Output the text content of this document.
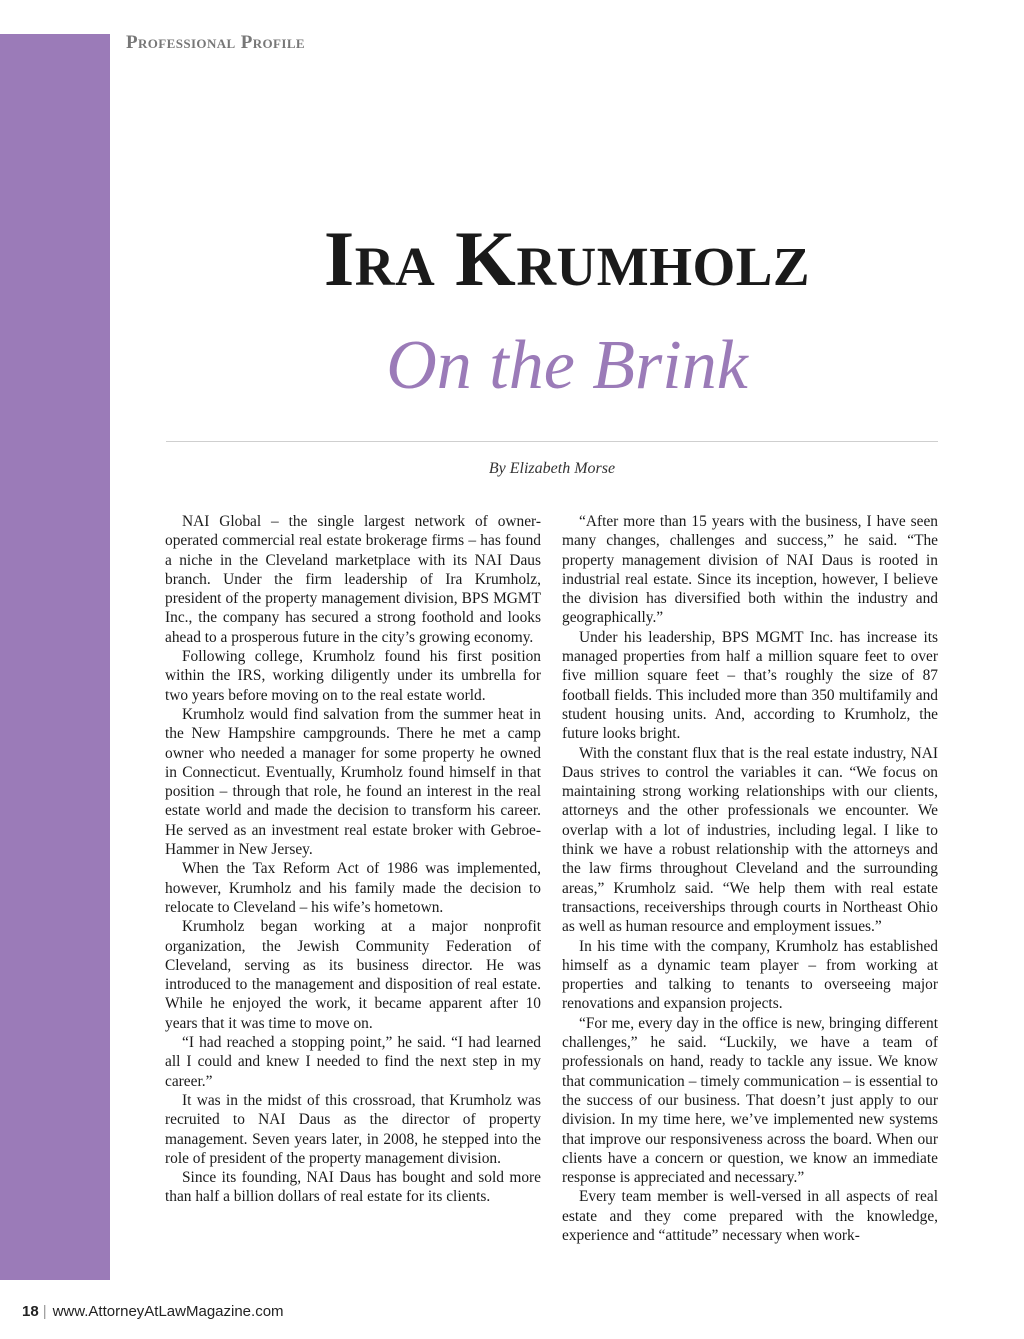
Professional Profile
Ira Krumholz
On the Brink
By Elizabeth Morse

NAI Global – the single largest network of owner-operated commercial real estate brokerage firms – has found a niche in the Cleveland marketplace with its NAI Daus branch. Under the firm leadership of Ira Krumholz, president of the property management division, BPS MGMT Inc., the company has secured a strong foothold and looks ahead to a prosperous future in the city’s growing economy.

Following college, Krumholz found his first position within the IRS, working diligently under its umbrella for two years before moving on to the real estate world.

Krumholz would find salvation from the summer heat in the New Hampshire campgrounds. There he met a camp owner who needed a manager for some property he owned in Connecticut. Eventually, Krumholz found himself in that position – through that role, he found an interest in the real estate world and made the decision to transform his career. He served as an investment real estate broker with Gebroe-Hammer in New Jersey.

When the Tax Reform Act of 1986 was implemented, however, Krumholz and his family made the decision to relocate to Cleveland – his wife’s hometown.

Krumholz began working at a major nonprofit organization, the Jewish Community Federation of Cleveland, serving as its business director. He was introduced to the management and disposition of real estate. While he enjoyed the work, it became apparent after 10 years that it was time to move on.

“I had reached a stopping point,” he said. “I had learned all I could and knew I needed to find the next step in my career.”

It was in the midst of this crossroad, that Krumholz was recruited to NAI Daus as the director of property management. Seven years later, in 2008, he stepped into the role of president of the property management division.

Since its founding, NAI Daus has bought and sold more than half a billion dollars of real estate for its clients.

“After more than 15 years with the business, I have seen many changes, challenges and success,” he said. “The property management division of NAI Daus is rooted in industrial real estate. Since its inception, however, I believe the division has diversified both within the industry and geographically.”

Under his leadership, BPS MGMT Inc. has increase its managed properties from half a million square feet to over five million square feet – that’s roughly the size of 87 football fields. This included more than 350 multifamily and student housing units. And, according to Krumholz, the future looks bright.

With the constant flux that is the real estate industry, NAI Daus strives to control the variables it can. “We focus on maintaining strong working relationships with our clients, attorneys and the other professionals we encounter. We overlap with a lot of industries, including legal. I like to think we have a robust relationship with the attorneys and the law firms throughout Cleveland and the surrounding areas,” Krumholz said. “We help them with real estate transactions, receiverships through courts in Northeast Ohio as well as human resource and employment issues.”

In his time with the company, Krumholz has established himself as a dynamic team player – from working at properties and talking to tenants to overseeing major renovations and expansion projects.

“For me, every day in the office is new, bringing different challenges,” he said. “Luckily, we have a team of professionals on hand, ready to tackle any issue. We know that communication – timely communication – is essential to the success of our business. That doesn’t just apply to our division. In my time here, we’ve implemented new systems that improve our responsiveness across the board. When our clients have a concern or question, we know an immediate response is appreciated and necessary.”

Every team member is well-versed in all aspects of real estate and they come prepared with the knowledge, experience and “attitude” necessary when work-

18 | www.AttorneyAtLawMagazine.com
